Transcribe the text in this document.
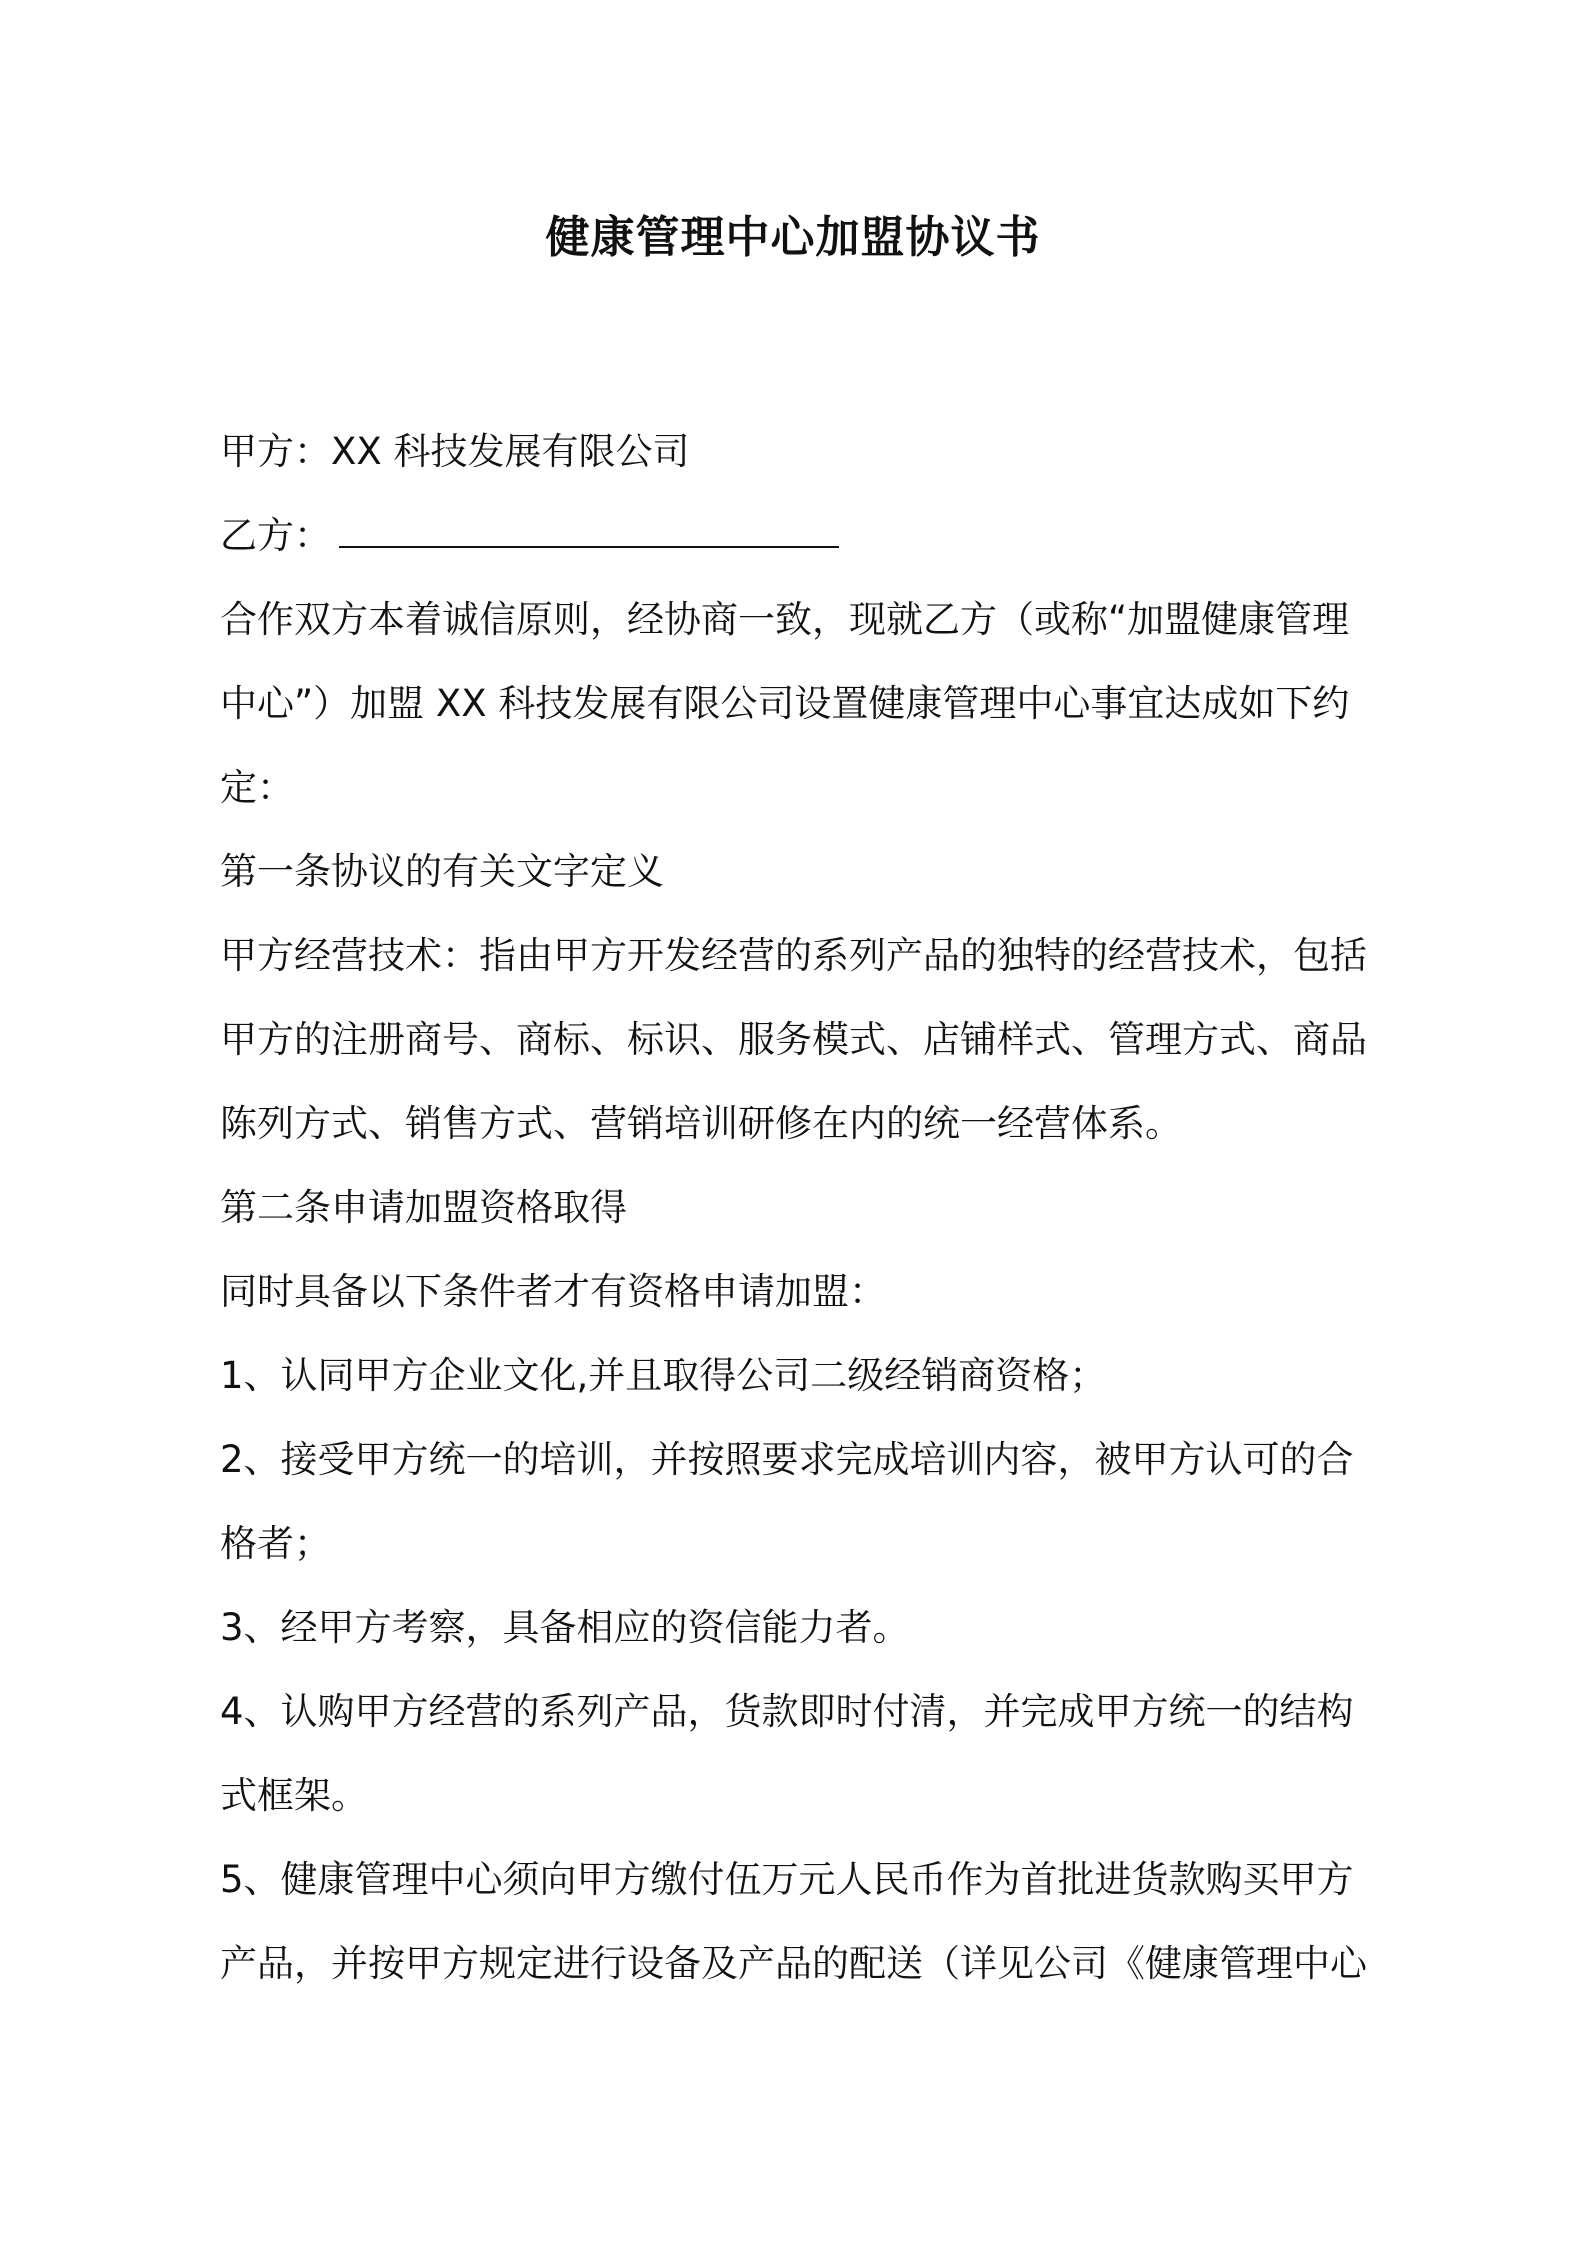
健康管理中心加盟协议书
甲方：XX 科技发展有限公司
乙方：
合作双方本着诚信原则，经协商一致，现就乙方（或称“加盟健康管理
中心”）加盟 XX 科技发展有限公司设置健康管理中心事宜达成如下约
定：
第一条协议的有关文字定义
甲方经营技术：指由甲方开发经营的系列产品的独特的经营技术，包括
甲方的注册商号、商标、标识、服务模式、店铺样式、管理方式、商品
陈列方式、销售方式、营销培训研修在内的统一经营体系。
第二条申请加盟资格取得
同时具备以下条件者才有资格申请加盟：
1、认同甲方企业文化,并且取得公司二级经销商资格；
2、接受甲方统一的培训，并按照要求完成培训内容，被甲方认可的合
格者；
3、经甲方考察，具备相应的资信能力者。
4、认购甲方经营的系列产品，货款即时付清，并完成甲方统一的结构
式框架。
5、健康管理中心须向甲方缴付伍万元人民币作为首批进货款购买甲方
产品，并按甲方规定进行设备及产品的配送（详见公司《健康管理中心
